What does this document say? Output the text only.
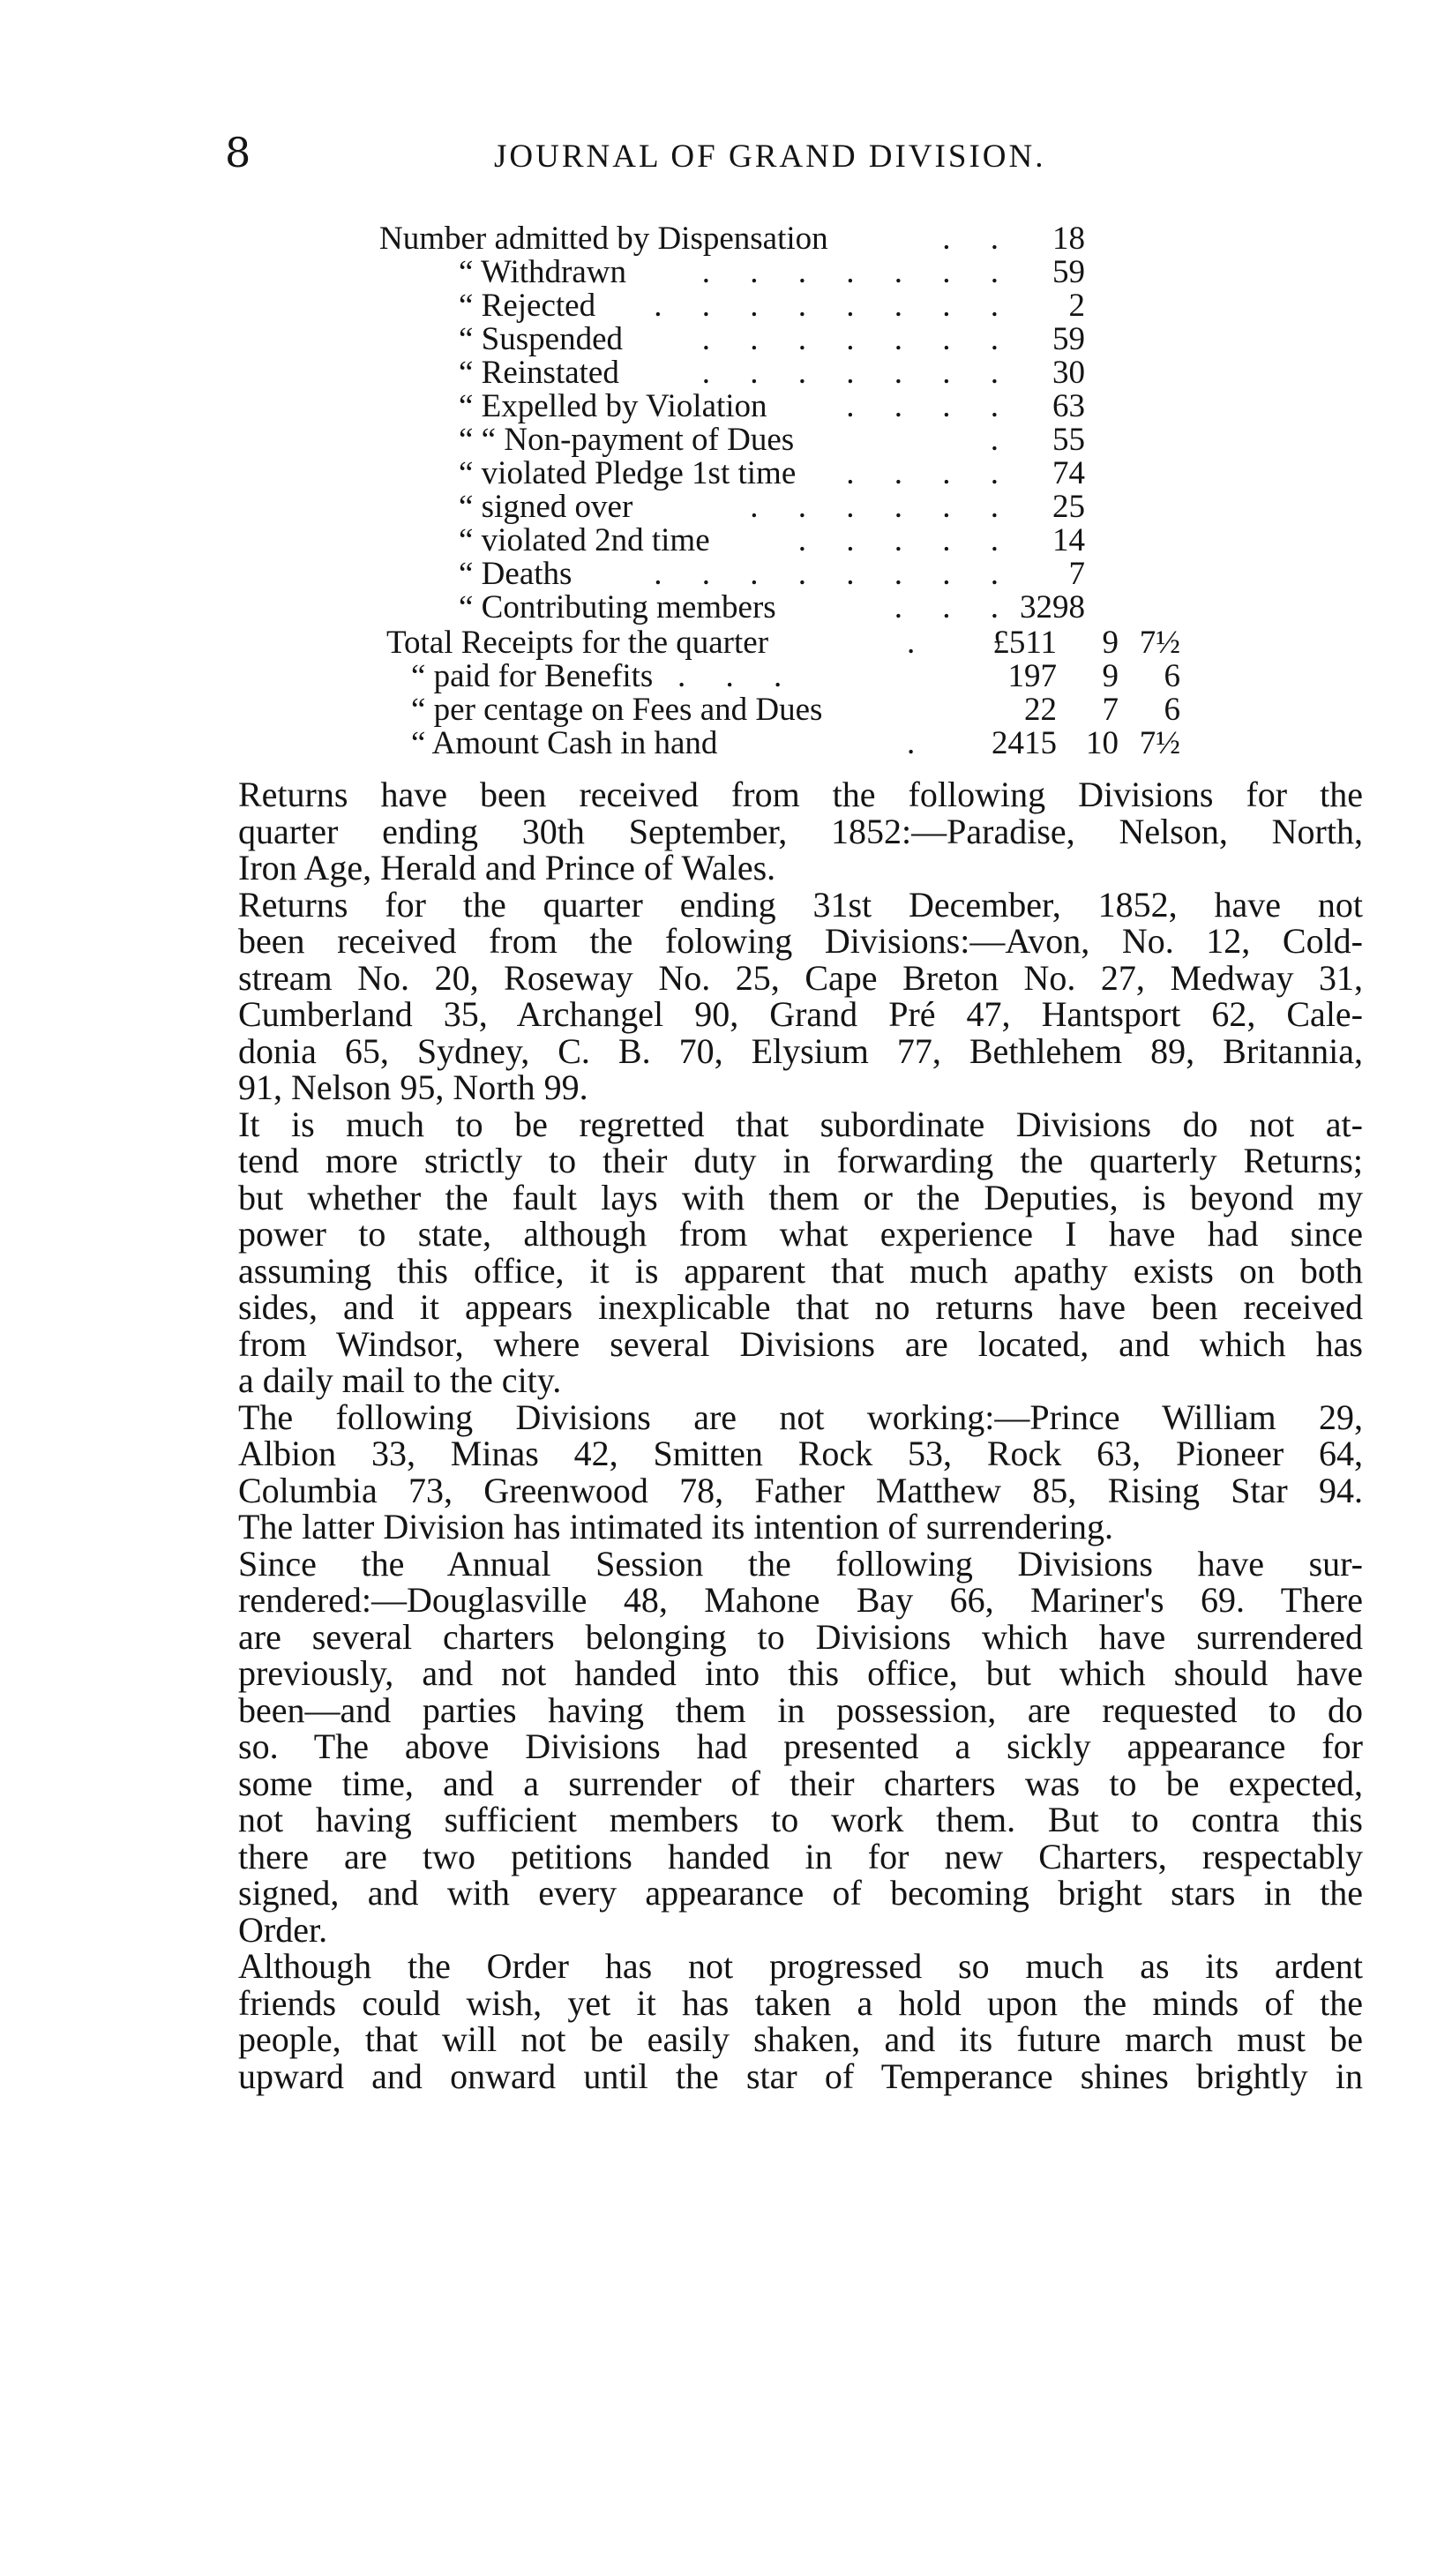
8	JOURNAL OF GRAND DIVISION.
Number admitted by Dispensation	. .	18
“ Withdrawn . . . . . . .	59
“ Rejected . . . . . . . .	2
“ Suspended . . . . . . .	59
“ Reinstated	. . . . . . .	30
“ Expelled by Violation . . . .	63
“ “ Non-payment of Dues	.	55
“ violated Pledge 1st time . . . .	74
“ signed over	. . . . . .	25
“ violated 2nd time	. . . . .	14
“ Deaths	. . . . . . . .	7
“ Contributing members	. . . 3298
Total Receipts for the quarter	.	£511	9 7½
“ paid for Benefits . . .	197	9	6
“ per centage on Fees and Dues	22	7	6
“ Amount Cash in hand	.	2415 10 7½

Returns have been received from the following Divisions for the
quarter ending 30th September, 1852:—Paradise, Nelson, North,
Iron Age, Herald and Prince of Wales.

Returns for the quarter ending 31st December, 1852, have not
been received from the folowing Divisions:—Avon, No. 12, Cold-
stream No. 20, Roseway No. 25, Cape Breton No. 27, Medway 31,
Cumberland 35, Archangel 90, Grand Pré 47, Hantsport 62, Cale-
donia 65, Sydney, C. B. 70, Elysium 77, Bethlehem 89, Britannia,
91, Nelson 95, North 99.

It is much to be regretted that subordinate Divisions do not at-
tend more strictly to their duty in forwarding the quarterly Returns;
but whether the fault lays with them or the Deputies, is beyond my
power to state, although from what experience I have had since
assuming this office, it is apparent that much apathy exists on both
sides, and it appears inexplicable that no returns have been received
from Windsor, where several Divisions are located, and which has
a daily mail to the city.

The following Divisions are not working:—Prince William 29,
Albion 33, Minas 42, Smitten Rock 53, Rock 63, Pioneer 64,
Columbia 73, Greenwood 78, Father Matthew 85, Rising Star 94.
The latter Division has intimated its intention of surrendering.

Since the Annual Session the following Divisions have sur-
rendered:—Douglasville 48, Mahone Bay 66, Mariner's 69. There
are several charters belonging to Divisions which have surrendered
previously, and not handed into this office, but which should have
been—and parties having them in possession, are requested to do
so. The above Divisions had presented a sickly appearance for
some time, and a surrender of their charters was to be expected,
not having sufficient members to work them. But to contra this
there are two petitions handed in for new Charters, respectably
signed, and with every appearance of becoming bright stars in the
Order.

Although the Order has not progressed so much as its ardent
friends could wish, yet it has taken a hold upon the minds of the
people, that will not be easily shaken, and its future march must be
upward and onward until the star of Temperance shines brightly in
